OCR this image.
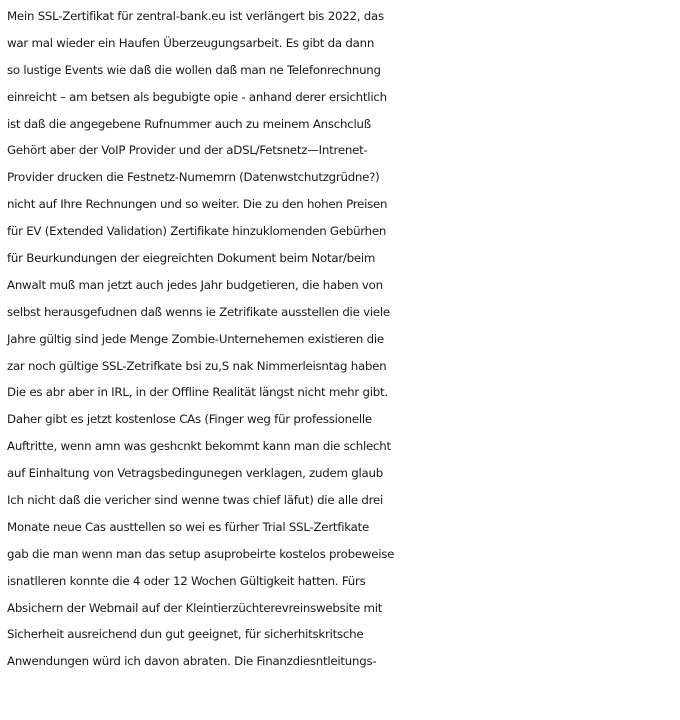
Mein SSL-Zertifikat für zentral-bank.eu ist verlängert bis 2022, das
war mal wieder ein Haufen Überzeugungsarbeit. Es gibt da dann
so lustige Events wie daß die wollen daß man ne Telefonrechnung
einreicht – am betsen als begubigte opie - anhand derer ersichtlich
ist daß die angegebene Rufnummer auch zu meinem Anschcluß
Gehört aber der VoIP Provider und der aDSL/Fetsnetz—Intrenet-
Provider drucken die Festnetz-Numemrn (Datenwstchutzgrüdne?)
nicht auf Ihre Rechnungen und so weiter. Die zu den hohen Preisen
für EV (Extended Validation) Zertifikate hinzuklomenden Gebürhen
für Beurkundungen der eiegreichten Dokument beim Notar/beim
Anwalt muß man jetzt auch jedes Jahr budgetieren, die haben von
selbst herausgefudnen daß wenns ie Zetrifikate ausstellen die viele
Jahre gültig sind jede Menge Zombie-Unternehemen existieren die
zar noch gültige SSL-Zetrifkate bsi zu,S nak Nimmerleisntag haben
Die es abr aber in IRL, in der Offline Realität längst nicht mehr gibt.
Daher gibt es jetzt kostenlose CAs (Finger weg für professionelle
Auftritte, wenn amn was geshcnkt bekommt kann man die schlecht
auf Einhaltung von Vetragsbedingunegen verklagen, zudem glaub
Ich nicht daß die vericher sind wenne twas chief läfut) die alle drei
Monate neue Cas austtellen so wei es fürher Trial SSL-Zertfikate
gab die man wenn man das setup asuprobeirte kostelos probeweise
isnatlleren konnte die 4 oder 12 Wochen Gültigkeit hatten. Fürs
Absichern der Webmail auf der Kleintierzüchterevreinswebsite mit
Sicherheit ausreichend dun gut geeignet, für sicherhitskritsche
Anwendungen würd ich davon abraten. Die Finanzdiesntleitungs-
